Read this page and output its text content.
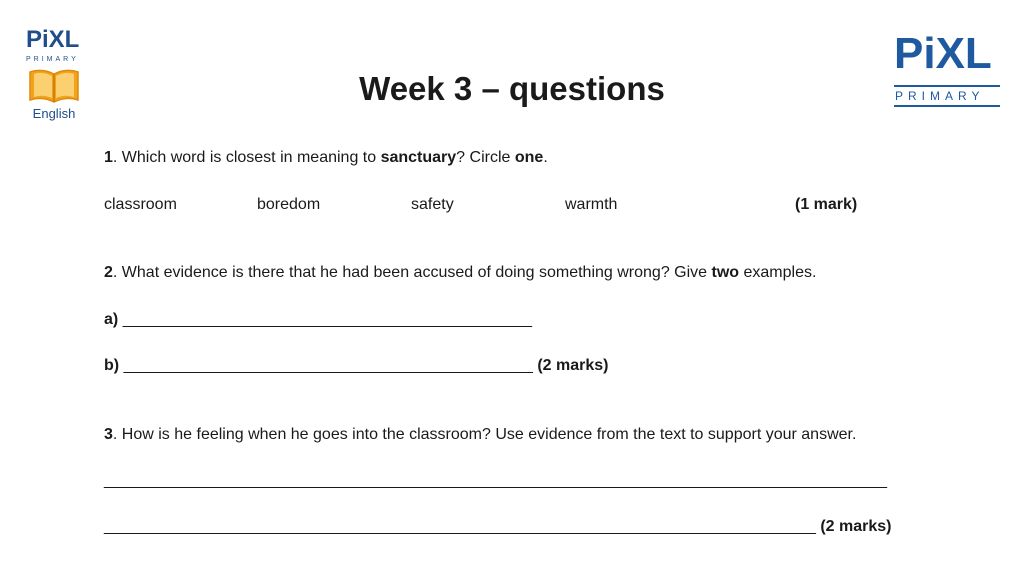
PiXL
PRIMARY
English
PiXL
PRIMARY
Week 3 – questions
1. Which word is closest in meaning to sanctuary? Circle one.
classroom	boredom	safety	warmth	(1 mark)
2. What evidence is there that he had been accused of doing something wrong? Give two examples.
a) ______________________________________________
b) ______________________________________________ (2 marks)
3. How is he feeling when he goes into the classroom? Use evidence from the text to support your answer.
________________________________________________________________________________________
________________________________________________________________________________ (2 marks)
